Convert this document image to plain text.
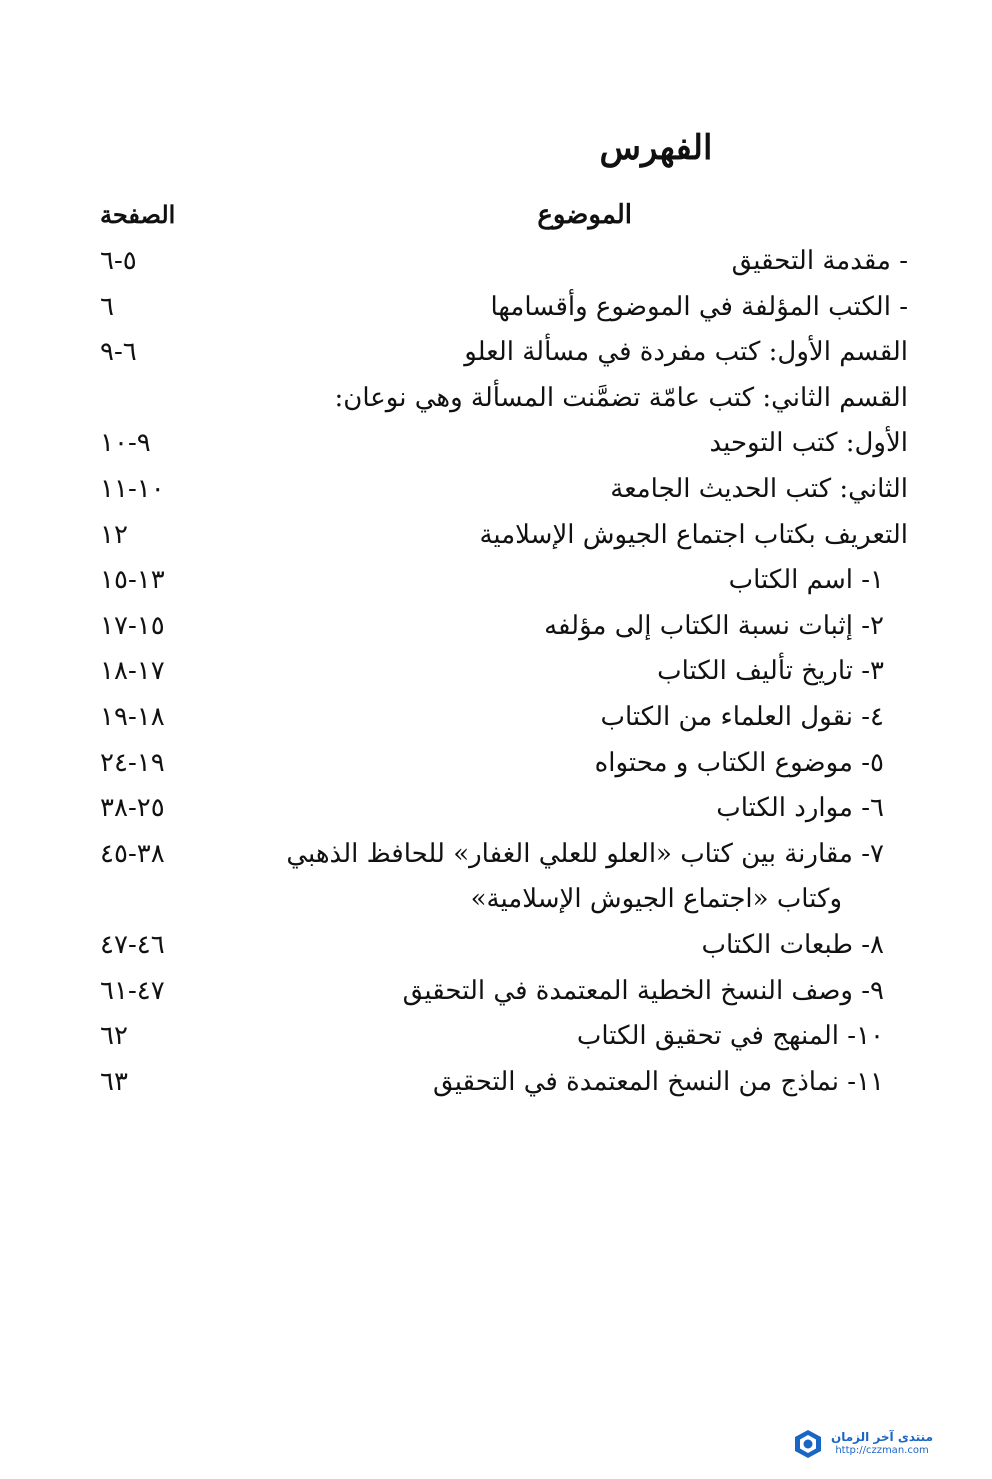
الفهرس
الموضوع
الصفحة
- مقدمة التحقيق
٥-٦
- الكتب المؤلفة في الموضوع وأقسامها
٦
القسم الأول: كتب مفردة في مسألة العلو
٦-٩
القسم الثاني: كتب عامّة تضمَّنت المسألة وهي نوعان:
الأول: كتب التوحيد
٩-١٠
الثاني: كتب الحديث الجامعة
١٠-١١
التعريف بكتاب اجتماع الجيوش الإسلامية
١٢
١- اسم الكتاب
١٣-١٥
٢- إثبات نسبة الكتاب إلى مؤلفه
١٥-١٧
٣- تاريخ تأليف الكتاب
١٧-١٨
٤- نقول العلماء من الكتاب
١٨-١٩
٥- موضوع الكتاب و محتواه
١٩-٢٤
٦- موارد الكتاب
٢٥-٣٨
٧- مقارنة بين كتاب «العلو للعلي الغفار» للحافظ الذهبي
٣٨-٤٥
وكتاب «اجتماع الجيوش الإسلامية»
٨- طبعات الكتاب
٤٦-٤٧
٩- وصف النسخ الخطية المعتمدة في التحقيق
٤٧-٦١
١٠- المنهج في تحقيق الكتاب
٦٢
١١- نماذج من النسخ المعتمدة في التحقيق
٦٣
منتدى آخر الزمان
http://czzman.com
